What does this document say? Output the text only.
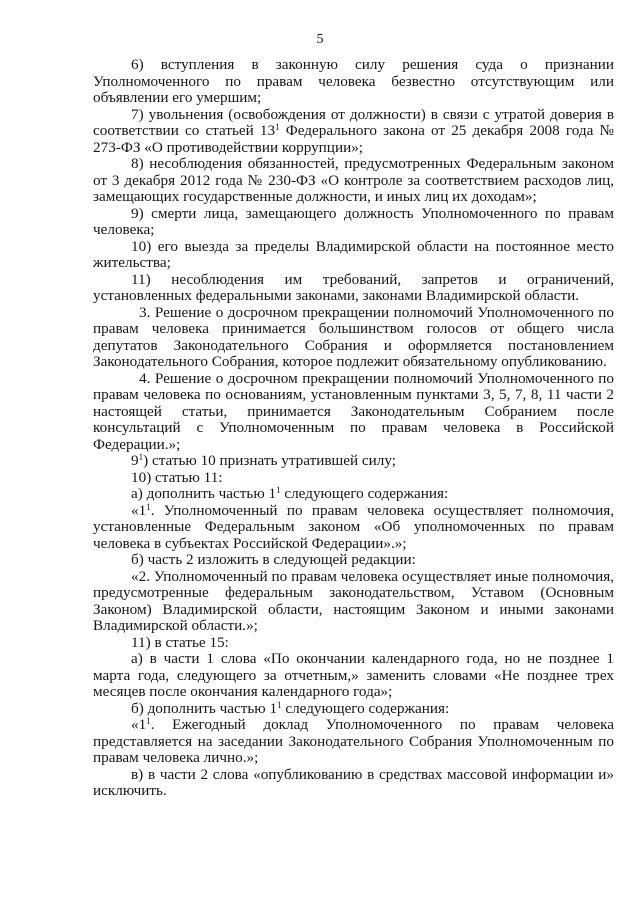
5

6) вступления в законную силу решения суда о признании Уполномоченного по правам человека безвестно отсутствующим или объявлении его умершим;

7) увольнения (освобождения от должности) в связи с утратой доверия в соответствии со статьей $13^1$ Федерального закона от 25 декабря 2008 года № 273-ФЗ «О противодействии коррупции»;

8) несоблюдения обязанностей, предусмотренных Федеральным законом от 3 декабря 2012 года № 230-ФЗ «О контроле за соответствием расходов лиц, замещающих государственные должности, и иных лиц их доходам»;

9) смерти лица, замещающего должность Уполномоченного по правам человека;

10) его выезда за пределы Владимирской области на постоянное место жительства;

11) несоблюдения им требований, запретов и ограничений, установленных федеральными законами, законами Владимирской области.

3. Решение о досрочном прекращении полномочий Уполномоченного по правам человека принимается большинством голосов от общего числа депутатов Законодательного Собрания и оформляется постановлением Законодательного Собрания, которое подлежит обязательному опубликованию.

4. Решение о досрочном прекращении полномочий Уполномоченного по правам человека по основаниям, установленным пунктами 3, 5, 7, 8, 11 части 2 настоящей статьи, принимается Законодательным Собранием после консультаций с Уполномоченным по правам человека в Российской Федерации.»;

$9^1$) статью 10 признать утратившей силу;

10) статью 11:

а) дополнить частью $1^1$ следующего содержания:

«$1^1$. Уполномоченный по правам человека осуществляет полномочия, установленные Федеральным законом «Об уполномоченных по правам человека в субъектах Российской Федерации».»;

б) часть 2 изложить в следующей редакции:

«2. Уполномоченный по правам человека осуществляет иные полномочия, предусмотренные федеральным законодательством, Уставом (Основным Законом) Владимирской области, настоящим Законом и иными законами Владимирской области.»;

11) в статье 15:

а) в части 1 слова «По окончании календарного года, но не позднее 1 марта года, следующего за отчетным,» заменить словами «Не позднее трех месяцев после окончания календарного года»;

б) дополнить частью $1^1$ следующего содержания:

«$1^1$. Ежегодный доклад Уполномоченного по правам человека представляется на заседании Законодательного Собрания Уполномоченным по правам человека лично.»;

в) в части 2 слова «опубликованию в средствах массовой информации и» исключить.
